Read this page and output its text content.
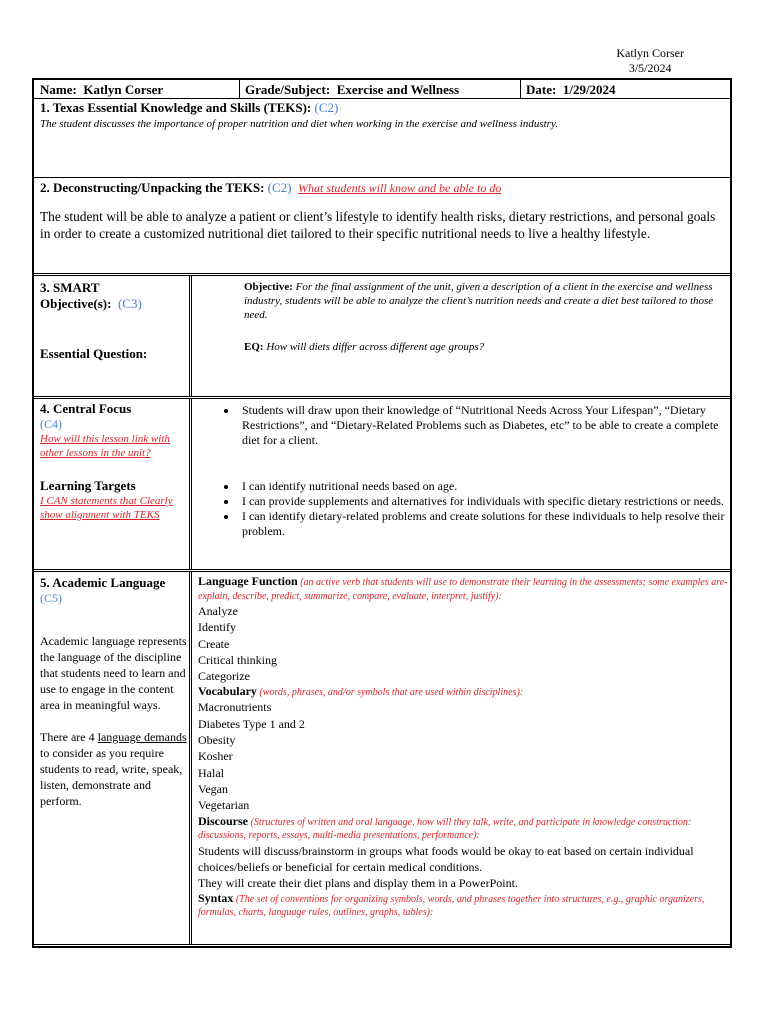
Katlyn Corser
3/5/2024
Name: Katlyn Corser	Grade/Subject: Exercise and Wellness	Date: 1/29/2024
1. Texas Essential Knowledge and Skills (TEKS): (C2)
The student discusses the importance of proper nutrition and diet when working in the exercise and wellness industry.
2. Deconstructing/Unpacking the TEKS: (C2) What students will know and be able to do
The student will be able to analyze a patient or client’s lifestyle to identify health risks, dietary restrictions, and personal goals in order to create a customized nutritional diet tailored to their specific nutritional needs to live a healthy lifestyle.
3. SMART
Objective(s): (C3)
Essential Question:
Objective: For the final assignment of the unit, given a description of a client in the exercise and wellness industry, students will be able to analyze the client’s nutrition needs and create a diet best tailored to those need.
EQ: How will diets differ across different age groups?
4. Central Focus
(C4)
How will this lesson link with other lessons in the unit?
Learning Targets
I CAN statements that Clearly show alignment with TEKS
• Students will draw upon their knowledge of “Nutritional Needs Across Your Lifespan”, “Dietary Restrictions”, and “Dietary-Related Problems such as Diabetes, etc” to be able to create a complete diet for a client.
• I can identify nutritional needs based on age.
• I can provide supplements and alternatives for individuals with specific dietary restrictions or needs.
• I can identify dietary-related problems and create solutions for these individuals to help resolve their problem.
5. Academic Language
(C5)
Academic language represents the language of the discipline that students need to learn and use to engage in the content area in meaningful ways.
There are 4 language demands to consider as you require students to read, write, speak, listen, demonstrate and perform.
Language Function (an active verb that students will use to demonstrate their learning in the assessments; some examples are- explain, describe, predict, summarize, compare, evaluate, interpret, justify):
Analyze
Identify
Create
Critical thinking
Categorize
Vocabulary (words, phrases, and/or symbols that are used within disciplines):
Macronutrients
Diabetes Type 1 and 2
Obesity
Kosher
Halal
Vegan
Vegetarian
Discourse (Structures of written and oral language, how will they talk, write, and participate in knowledge construction: discussions, reports, essays, multi-media presentations, performance):
Students will discuss/brainstorm in groups what foods would be okay to eat based on certain individual choices/beliefs or beneficial for certain medical conditions.
They will create their diet plans and display them in a PowerPoint.
Syntax (The set of conventions for organizing symbols, words, and phrases together into structures, e.g., graphic organizers, formulas, charts, language rules, outlines, graphs, tables):
